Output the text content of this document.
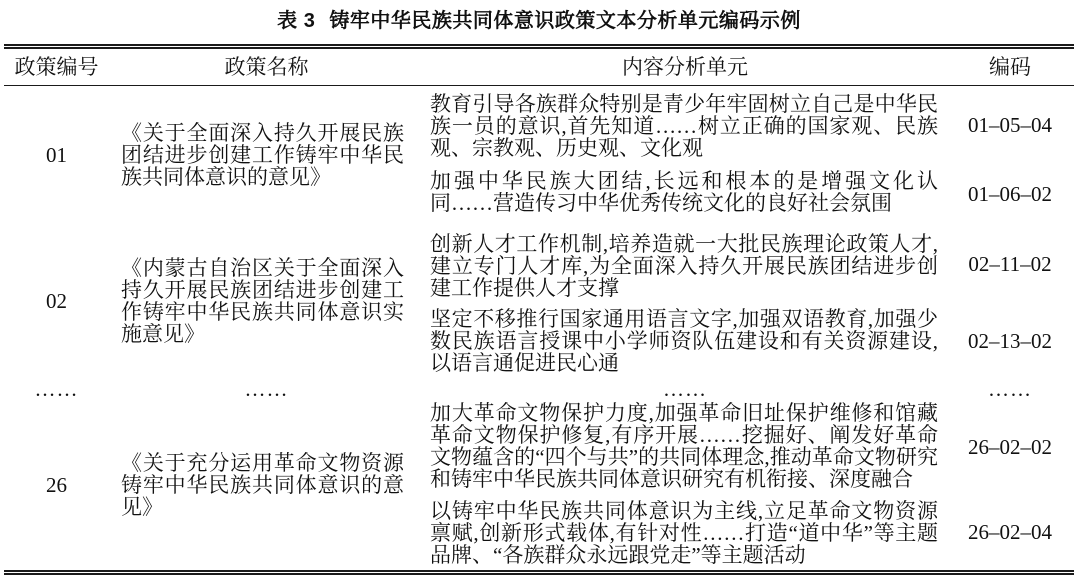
表 3 铸牢中华民族共同体意识政策文本分析单元编码示例
政策编号	政策名称	内容分析单元	编码
01	《关于全面深入持久开展民族团结进步创建工作铸牢中华民族共同体意识的意见》	教育引导各族群众特别是青少年牢固树立自己是中华民族一员的意识,首先知道……树立正确的国家观、民族观、宗教观、历史观、文化观	01–05–04
		加强中华民族大团结,长远和根本的是增强文化认同……营造传习中华优秀传统文化的良好社会氛围	01–06–02
02	《内蒙古自治区关于全面深入持久开展民族团结进步创建工作铸牢中华民族共同体意识实施意见》	创新人才工作机制,培养造就一大批民族理论政策人才,建立专门人才库,为全面深入持久开展民族团结进步创建工作提供人才支撑	02–11–02
		坚定不移推行国家通用语言文字,加强双语教育,加强少数民族语言授课中小学师资队伍建设和有关资源建设,以语言通促进民心通	02–13–02
……	……	……	……
26	《关于充分运用革命文物资源铸牢中华民族共同体意识的意见》	加大革命文物保护力度,加强革命旧址保护维修和馆藏革命文物保护修复,有序开展……挖掘好、阐发好革命文物蕴含的“四个与共”的共同体理念,推动革命文物研究和铸牢中华民族共同体意识研究有机衔接、深度融合	26–02–02
		以铸牢中华民族共同体意识为主线,立足革命文物资源禀赋,创新形式载体,有针对性……打造“道中华”等主题品牌、“各族群众永远跟党走”等主题活动	26–02–04
